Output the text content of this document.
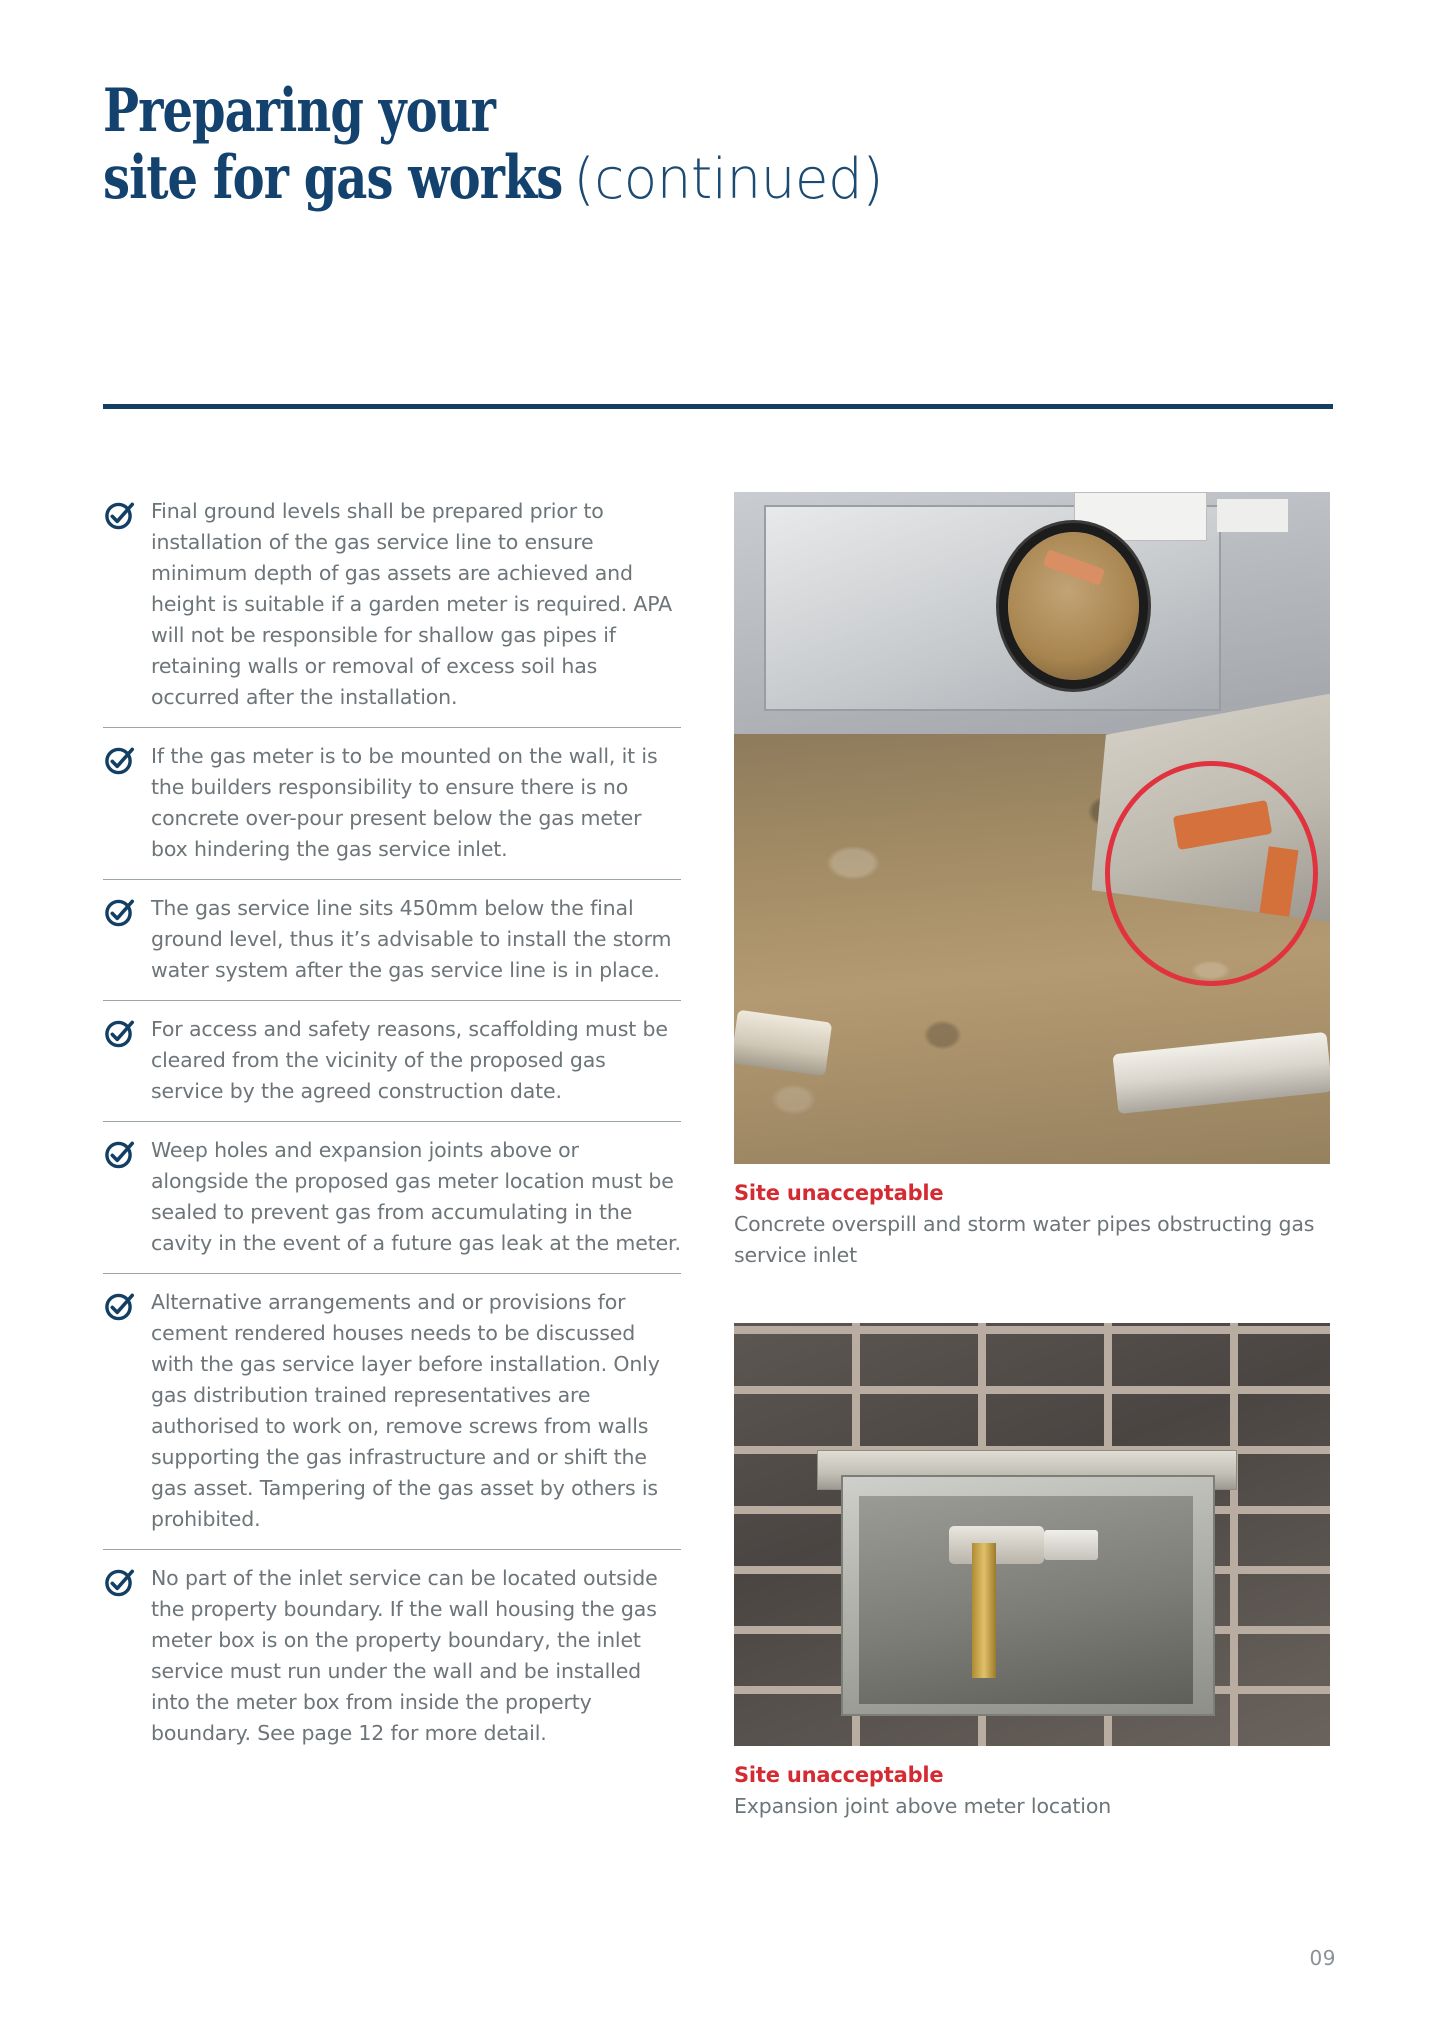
Preparing your
site for gas works (continued)
Final ground levels shall be prepared prior to installation of the gas service line to ensure minimum depth of gas assets are achieved and height is suitable if a garden meter is required. APA will not be responsible for shallow gas pipes if retaining walls or removal of excess soil has occurred after the installation.
If the gas meter is to be mounted on the wall, it is the builders responsibility to ensure there is no concrete over-pour present below the gas meter box hindering the gas service inlet.
The gas service line sits 450mm below the final ground level, thus it’s advisable to install the storm water system after the gas service line is in place.
For access and safety reasons, scaffolding must be cleared from the vicinity of the proposed gas service by the agreed construction date.
Weep holes and expansion joints above or alongside the proposed gas meter location must be sealed to prevent gas from accumulating in the cavity in the event of a future gas leak at the meter.
Alternative arrangements and or provisions for cement rendered houses needs to be discussed with the gas service layer before installation. Only gas distribution trained representatives are authorised to work on, remove screws from walls supporting the gas infrastructure and or shift the gas asset. Tampering of the gas asset by others is prohibited.
No part of the inlet service can be located outside the property boundary. If the wall housing the gas meter box is on the property boundary, the inlet service must run under the wall and be installed into the meter box from inside the property boundary. See page 12 for more detail.
Site unacceptable
Concrete overspill and storm water pipes obstructing gas service inlet
Site unacceptable
Expansion joint above meter location
09
